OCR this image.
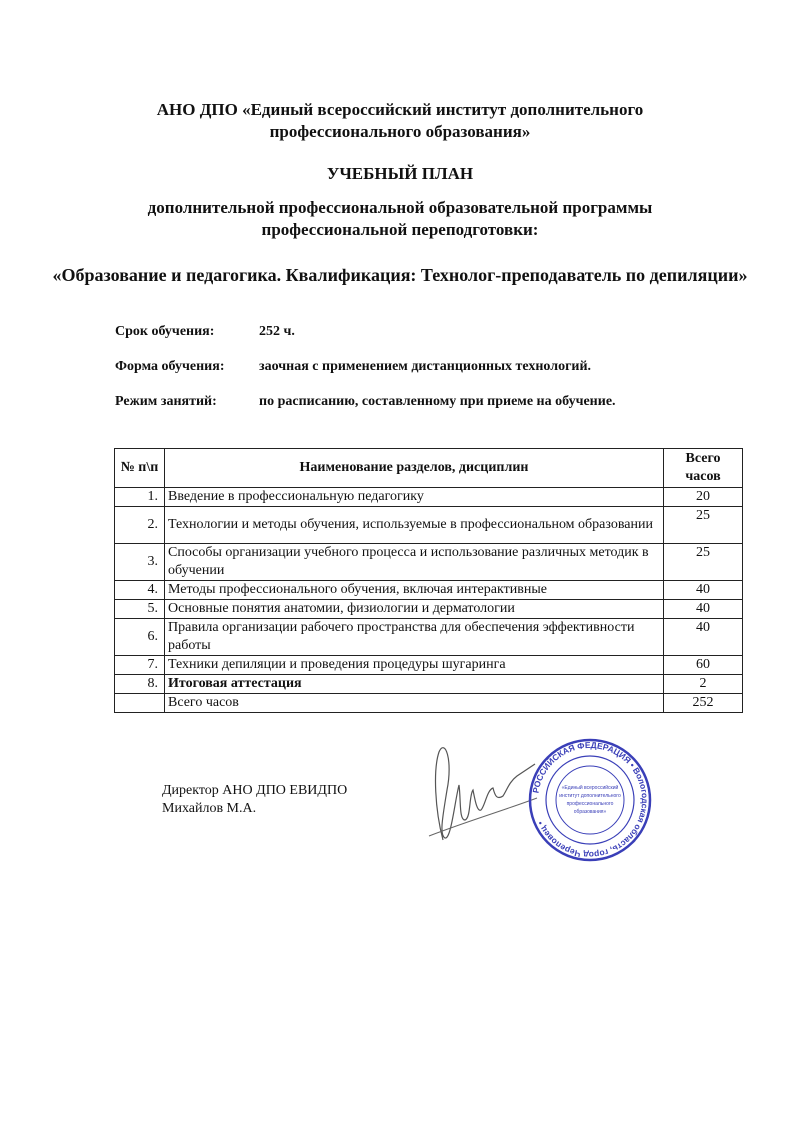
АНО ДПО «Единый всероссийский институт дополнительного профессионального образования»
УЧЕБНЫЙ ПЛАН
дополнительной профессиональной образовательной программы профессиональной переподготовки:
«Образование и педагогика. Квалификация: Технолог-преподаватель по депиляции»
Срок обучения:	252 ч.
Форма обучения: заочная с применением дистанционных технологий.
Режим занятий:	по расписанию, составленному при приеме на обучение.
№ п\п	Наименование разделов, дисциплин	Всего часов
1.	Введение в профессиональную педагогику	20
2.	Технологии и методы обучения, используемые в профессиональном образовании	25
3.	Способы организации учебного процесса и использование различных методик в обучении	25
4.	Методы профессионального обучения, включая интерактивные	40
5.	Основные понятия анатомии, физиологии и дерматологии	40
6.	Правила организации рабочего пространства для обеспечения эффективности работы	40
7.	Техники депиляции и проведения процедуры шугаринга	60
8.	Итоговая аттестация	2
	Всего часов	252
Директор АНО ДПО ЕВИДПО
Михайлов М.А.
РОССИЙСКАЯ ФЕДЕРАЦИЯ • Вологодская область, город Череповец •
«Единый всероссийский
институт дополнительного
профессионального
образования»
